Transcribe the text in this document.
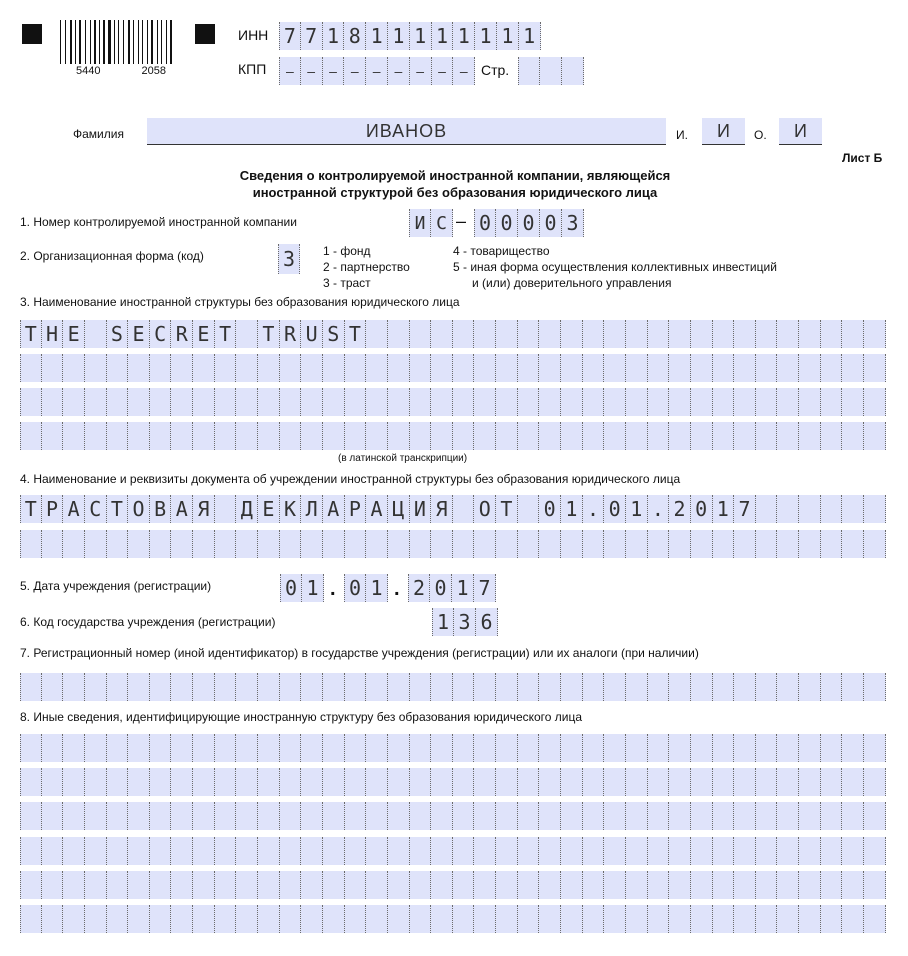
5440	2058
ИНН 7 7 1 8 1 1 1 1 1 1 1 1
КПП	– –	–	–	–	–	–	–	– Стр.
Фамилия	ИВАНОВ	И. И О. И
Лист Б
Сведения о контролируемой иностранной компании, являющейся
иностранной структурой без образования юридического лица
1. Номер контролируемой иностранной компании	И С – 0 0 0 0 3
2. Организационная форма (код)	3	1 - фонд
2 - партнерство
3 - траст
4 - товарищество
5 - иная форма осуществления коллективных инвестиций
и (или) доверительного управления
3. Наименование иностранной структуры без образования юридического лица
T H E S E C R E T T R U S T
(в латинской транскрипции)
4. Наименование и реквизиты документа об учреждении иностранной структуры без образования юридического лица
Т Р А С Т О В А Я Д Е К Л А Р А Ц И Я О Т 0 1 . 0 1 . 2 0 1 7
5. Дата учреждения (регистрации)	0 1 . 0 1 . 2 0 1 7
6. Код государства учреждения (регистрации)	1 3 6
7. Регистрационный номер (иной идентификатор) в государстве учреждения (регистрации) или их аналоги (при наличии)
8. Иные сведения, идентифицирующие иностранную структуру без образования юридического лица
